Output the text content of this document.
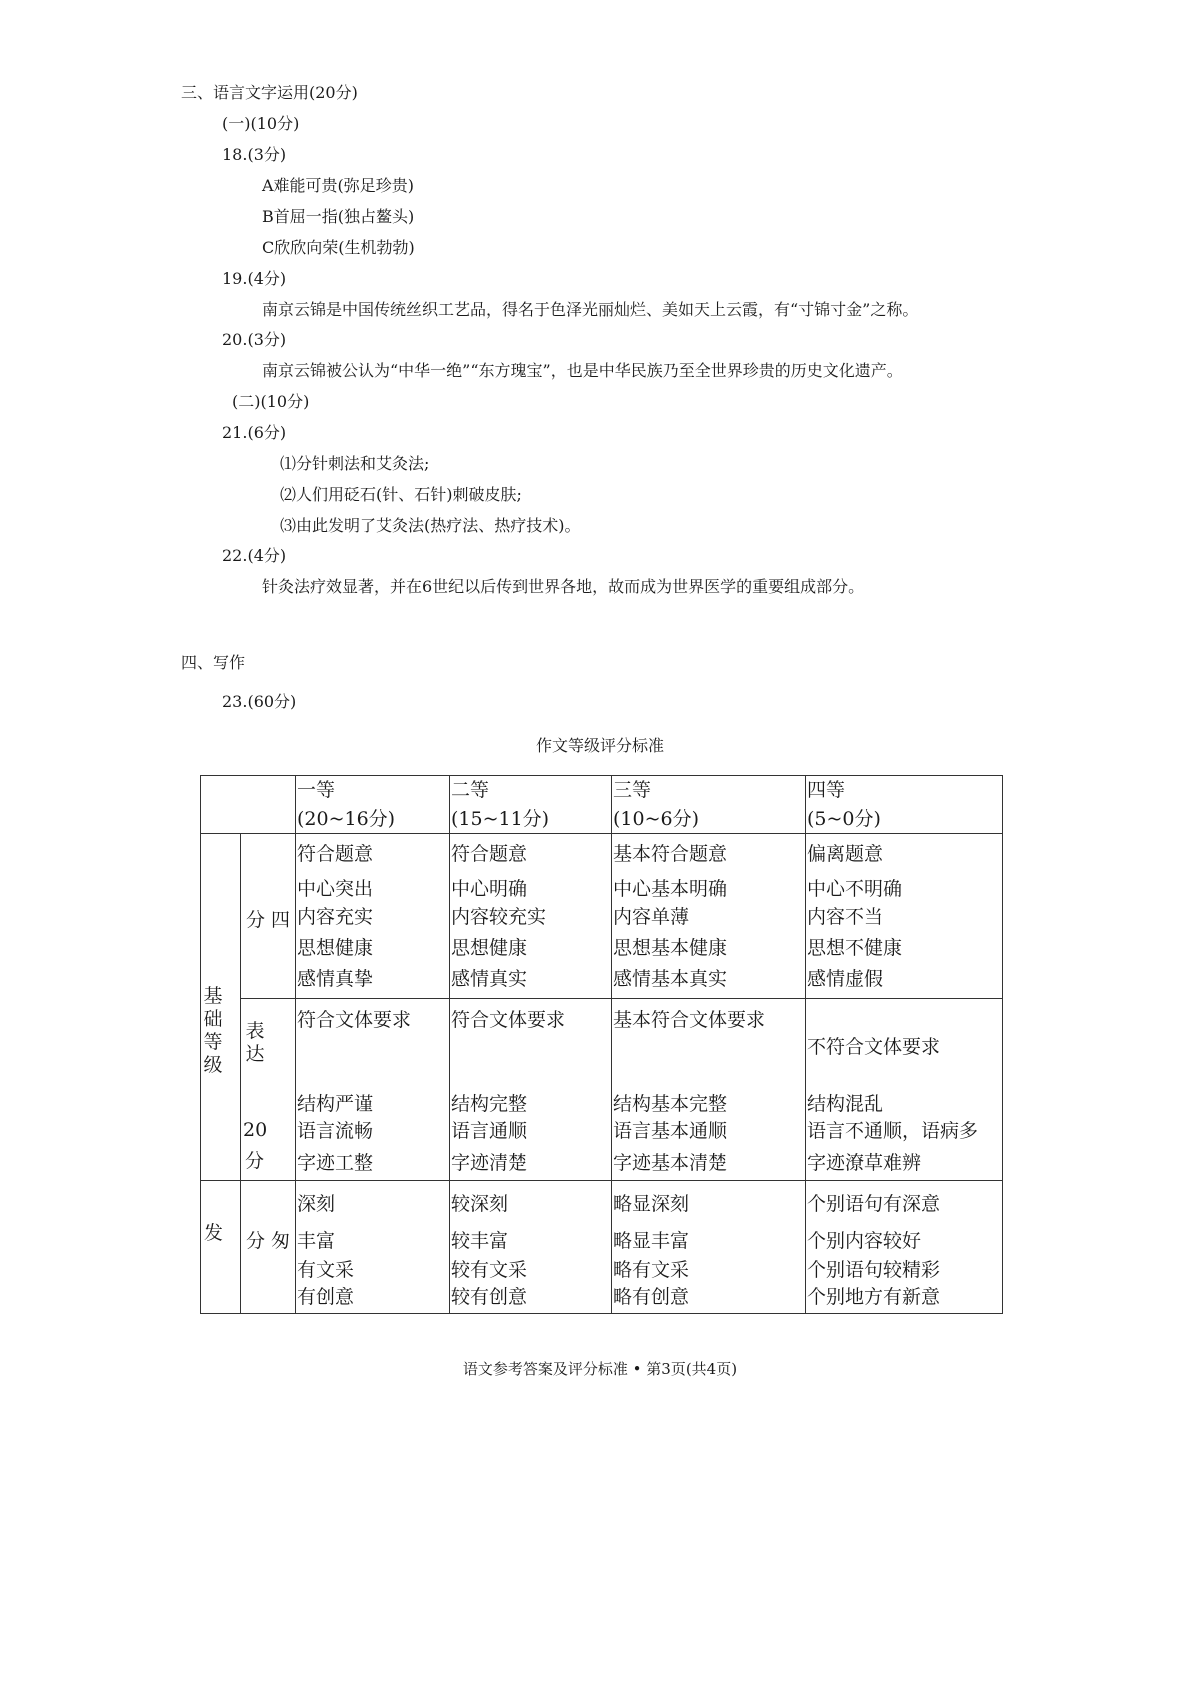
三、语言文字运用(20分)
(一)(10分)
18.(3分)
A难能可贵(弥足珍贵)
B首屈一指(独占鳌头)
C欣欣向荣(生机勃勃)
19.(4分)
南京云锦是中国传统丝织工艺品，得名于色泽光丽灿烂、美如天上云霞，有“寸锦寸金”之称。
20.(3分)
南京云锦被公认为“中华一绝”“东方瑰宝”，也是中华民族乃至全世界珍贵的历史文化遗产。
(二)(10分)
21.(6分)
⑴分针刺法和艾灸法;
⑵人们用砭石(针、石针)刺破皮肤;
⑶由此发明了艾灸法(热疗法、热疗技术)。
22.(4分)
针灸法疗效显著，并在6世纪以后传到世界各地，故而成为世界医学的重要组成部分。
四、写作
23.(60分)
作文等级评分标准
一等
(20~16分)
二等
(15~11分)
三等
(10~6分)
四等
(5~0分)
基础等级
分 四
表达
20
分
发 分 匆
符合题意
中心突出
内容充实
思想健康
感情真挚
符合题意
中心明确
内容较充实
思想健康
感情真实
基本符合题意
中心基本明确
内容单薄
思想基本健康
感情基本真实
偏离题意
中心不明确
内容不当
思想不健康
感情虚假
符合文体要求
结构严谨
语言流畅
字迹工整
符合文体要求
结构完整
语言通顺
字迹清楚
基本符合文体要求
结构基本完整
语言基本通顺
字迹基本清楚
不符合文体要求
结构混乱
语言不通顺，语病多
字迹潦草难辨
深刻
丰富
有文采
有创意
较深刻
较丰富
较有文采
较有创意
略显深刻
略显丰富
略有文采
略有创意
个别语句有深意
个别内容较好
个别语句较精彩
个别地方有新意
语文参考答案及评分标准 • 第3页(共4页)
